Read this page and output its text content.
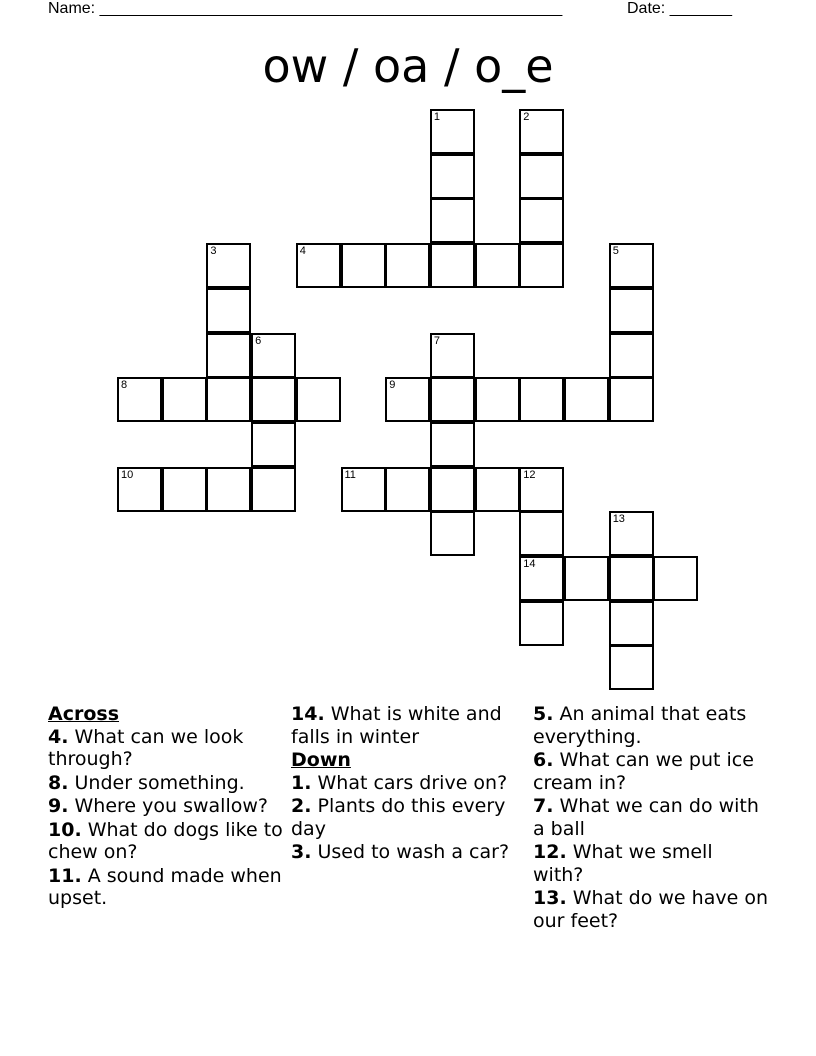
Name: ____________________________________________________	Date: _______
ow / oa / o_e
1	2
3	4	5
6	7
8	9
10	11	12
13
14
Across
4. What can we look through?
8. Under something.
9. Where you swallow?
10. What do dogs like to chew on?
11. A sound made when upset.
14. What is white and falls in winter
Down
1. What cars drive on?
2. Plants do this every day
3. Used to wash a car?
5. An animal that eats everything.
6. What can we put ice cream in?
7. What we can do with a ball
12. What we smell with?
13. What do we have on our feet?
